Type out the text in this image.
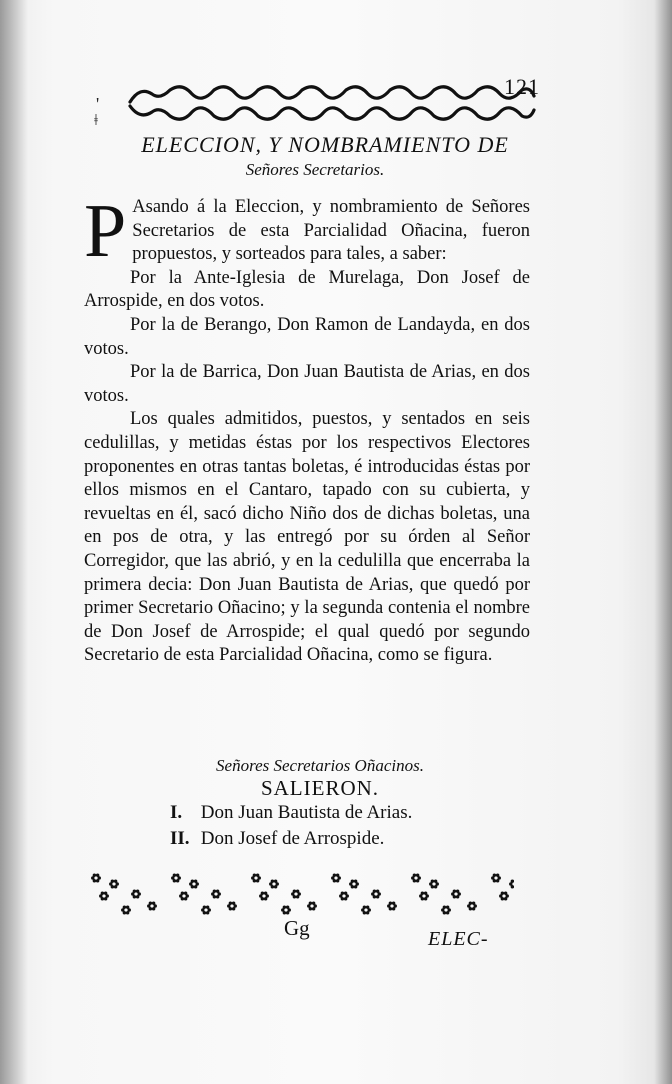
'
ǂ
121
ELECCION, Y NOMBRAMIENTO DE
Señores Secretarios.

P Asando á la Eleccion, y nombramiento de Señores Secretarios de esta Parcialidad Oñacina, fueron propuestos, y sorteados para tales, a saber:

Por la Ante-Iglesia de Murelaga, Don Josef de Arrospide, en dos votos.

Por la de Berango, Don Ramon de Landayda, en dos votos.

Por la de Barrica, Don Juan Bautista de Arias, en dos votos.

Los quales admitidos, puestos, y sentados en seis cedulillas, y metidas éstas por los respectivos Electores proponentes en otras tantas boletas, é introducidas éstas por ellos mismos en el Cantaro, tapado con su cubierta, y revueltas en él, sacó dicho Niño dos de dichas boletas, una en pos de otra, y las entregó por su órden al Señor Corregidor, que las abrió, y en la cedulilla que encerraba la primera decia: Don Juan Bautista de Arias, que quedó por primer Secretario Oñacino; y la segunda contenia el nombre de Don Josef de Arrospide; el qual quedó por segundo Secretario de esta Parcialidad Oñacina, como se figura.

Señores Secretarios Oñacinos.
SALIERON.
I. Don Juan Bautista de Arias.
II. Don Josef de Arrospide.
Gg	ELEC-
